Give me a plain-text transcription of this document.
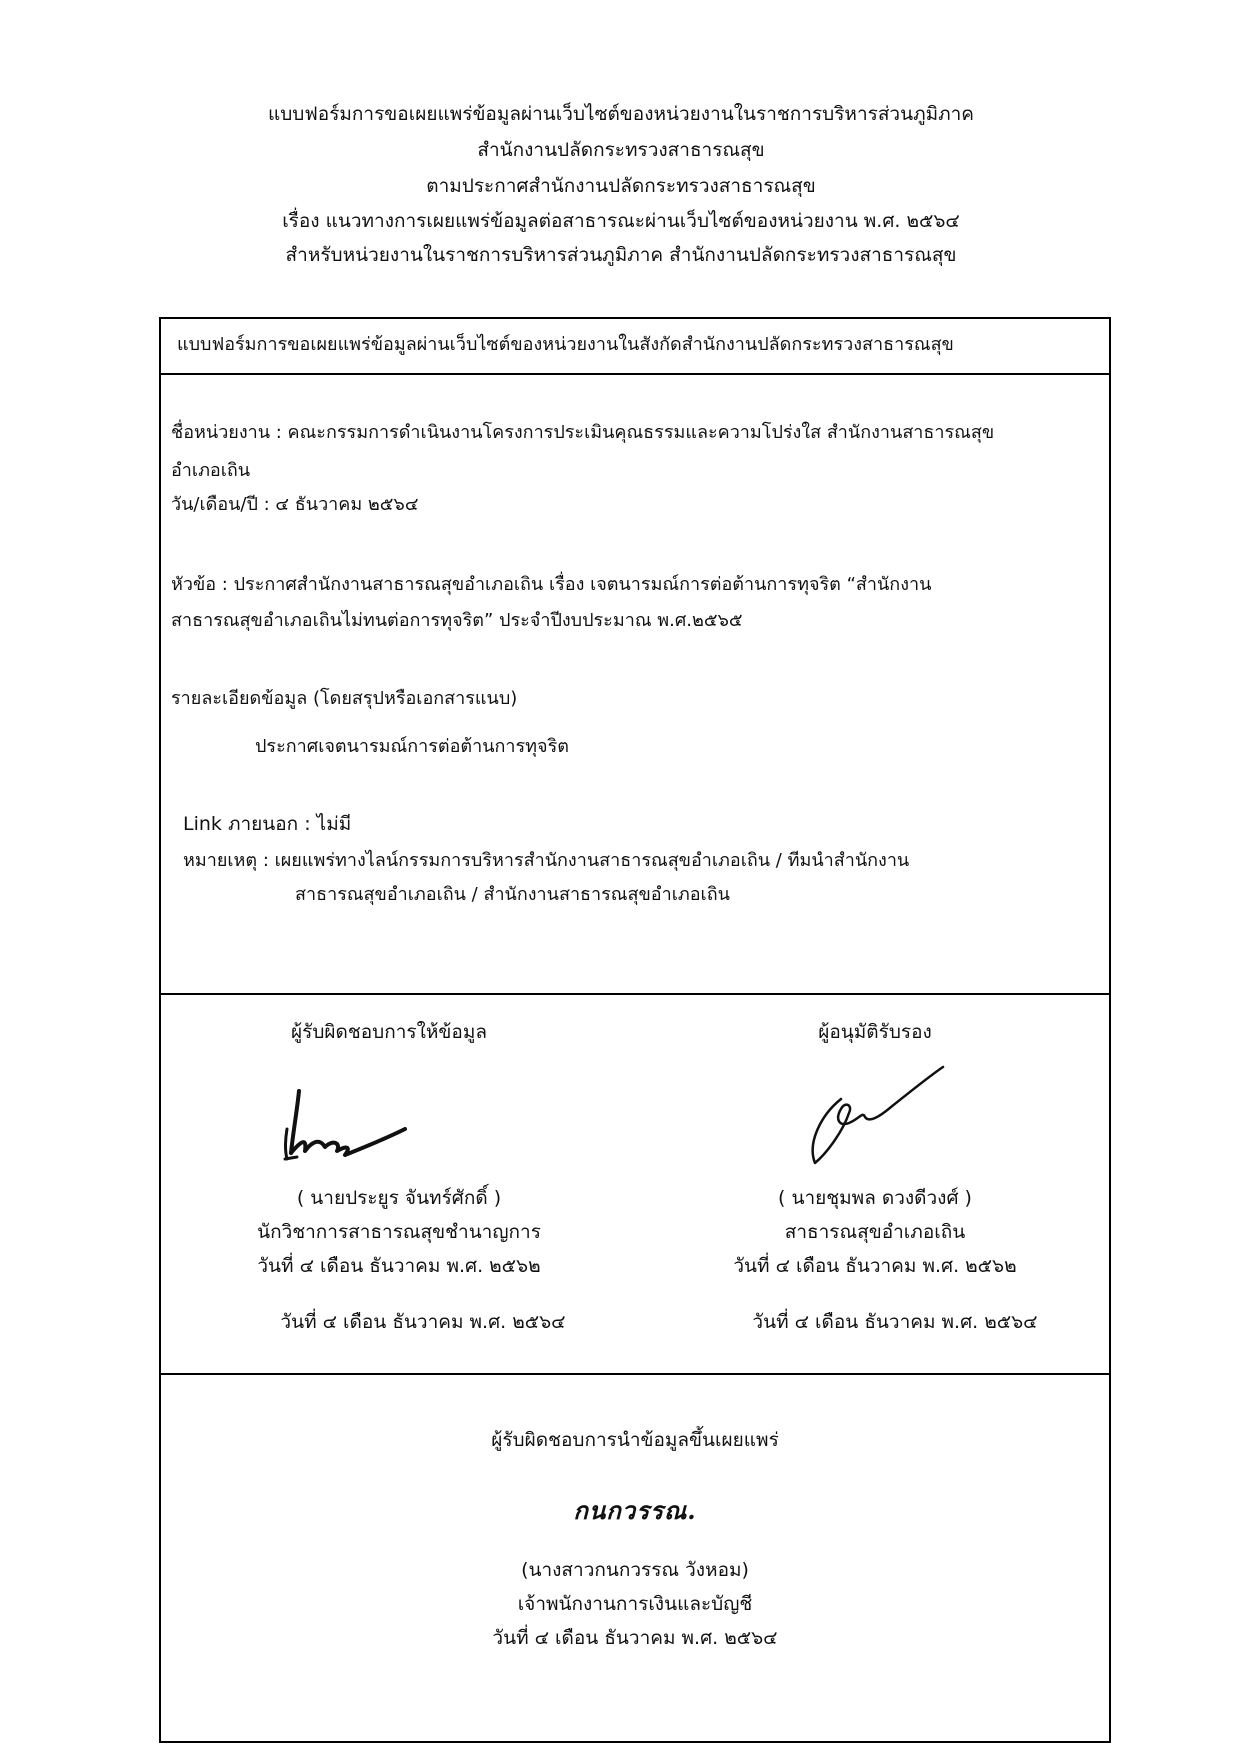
แบบฟอร์มการขอเผยแพร่ข้อมูลผ่านเว็บไซต์ของหน่วยงานในราชการบริหารส่วนภูมิภาค
สำนักงานปลัดกระทรวงสาธารณสุข
ตามประกาศสำนักงานปลัดกระทรวงสาธารณสุข
เรื่อง แนวทางการเผยแพร่ข้อมูลต่อสาธารณะผ่านเว็บไซต์ของหน่วยงาน พ.ศ. ๒๕๖๔
สำหรับหน่วยงานในราชการบริหารส่วนภูมิภาค สำนักงานปลัดกระทรวงสาธารณสุข
แบบฟอร์มการขอเผยแพร่ข้อมูลผ่านเว็บไซต์ของหน่วยงานในสังกัดสำนักงานปลัดกระทรวงสาธารณสุข
ชื่อหน่วยงาน : คณะกรรมการดำเนินงานโครงการประเมินคุณธรรมและความโปร่งใส สำนักงานสาธารณสุข
อำเภอเถิน
วัน/เดือน/ปี : ๔ ธันวาคม ๒๕๖๔
หัวข้อ : ประกาศสำนักงานสาธารณสุขอำเภอเถิน เรื่อง เจตนารมณ์การต่อต้านการทุจริต “สำนักงาน
สาธารณสุขอำเภอเถินไม่ทนต่อการทุจริต” ประจำปีงบประมาณ พ.ศ.๒๕๖๕
รายละเอียดข้อมูล (โดยสรุปหรือเอกสารแนบ)
ประกาศเจตนารมณ์การต่อต้านการทุจริต
Link ภายนอก : ไม่มี
หมายเหตุ : เผยแพร่ทางไลน์กรรมการบริหารสำนักงานสาธารณสุขอำเภอเถิน / ทีมนำสำนักงาน
สาธารณสุขอำเภอเถิน / สำนักงานสาธารณสุขอำเภอเถิน
ผู้รับผิดชอบการให้ข้อมูล
( นายประยูร จันทร์ศักดิ์ )
นักวิชาการสาธารณสุขชำนาญการ
วันที่ ๔ เดือน ธันวาคม พ.ศ. ๒๕๖๒
วันที่ ๔ เดือน ธันวาคม พ.ศ. ๒๕๖๔
ผู้อนุมัติรับรอง
( นายชุมพล ดวงดีวงศ์ )
สาธารณสุขอำเภอเถิน
วันที่ ๔ เดือน ธันวาคม พ.ศ. ๒๕๖๒
วันที่ ๔ เดือน ธันวาคม พ.ศ. ๒๕๖๔
ผู้รับผิดชอบการนำข้อมูลขึ้นเผยแพร่
กนกวรรณ.
(นางสาวกนกวรรณ วังหอม)
เจ้าพนักงานการเงินและบัญชี
วันที่ ๔ เดือน ธันวาคม พ.ศ. ๒๕๖๔
